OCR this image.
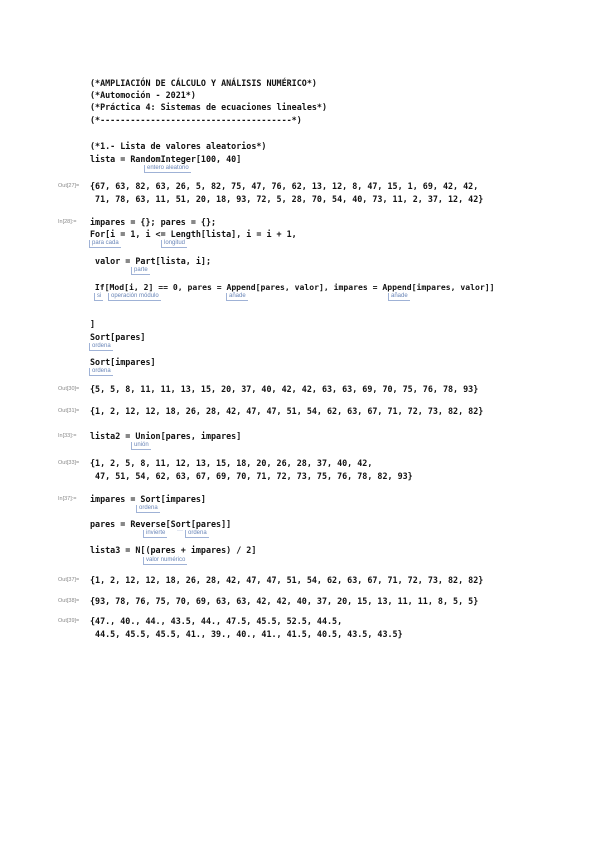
(*AMPLIACIÓN DE CÁLCULO Y ANÁLISIS NUMÉRICO*)
(*Automoción - 2021*)
(*Práctica 4: Sistemas de ecuaciones lineales*)
(*--------------------------------------*)
(*1.- Lista de valores aleatorios*)
lista = RandomInteger[100, 40]
entero aleatorio
Out[27]= {67, 63, 82, 63, 26, 5, 82, 75, 47, 76, 62, 13, 12, 8, 47, 15, 1, 69, 42, 42,
71, 78, 63, 11, 51, 20, 18, 93, 72, 5, 28, 70, 54, 40, 73, 11, 2, 37, 12, 42}
In[28]:= impares = {}; pares = {};
For[i = 1, i <= Length[lista], i = i + 1,
para cada	longitud
valor = Part[lista, i];
parte
If[Mod[i, 2] == 0, pares = Append[pares, valor], impares = Append[impares, valor]]
si	operación módulo	añade	añade
]
Sort[pares]
ordena
Sort[impares]
ordena
Out[30]= {5, 5, 8, 11, 11, 13, 15, 20, 37, 40, 42, 42, 63, 63, 69, 70, 75, 76, 78, 93}
Out[31]= {1, 2, 12, 12, 18, 26, 28, 42, 47, 47, 51, 54, 62, 63, 67, 71, 72, 73, 82, 82}
In[33]:= lista2 = Union[pares, impares]
unión
Out[33]= {1, 2, 5, 8, 11, 12, 13, 15, 18, 20, 26, 28, 37, 40, 42,
47, 51, 54, 62, 63, 67, 69, 70, 71, 72, 73, 75, 76, 78, 82, 93}
In[37]:= impares = Sort[impares]
ordena
pares = Reverse[Sort[pares]]
invierte	··· ordena
lista3 = N[(pares + impares) / 2]
valor numérico
Out[37]= {1, 2, 12, 12, 18, 26, 28, 42, 47, 47, 51, 54, 62, 63, 67, 71, 72, 73, 82, 82}
Out[38]= {93, 78, 76, 75, 70, 69, 63, 63, 42, 42, 40, 37, 20, 15, 13, 11, 11, 8, 5, 5}
Out[39]= {47., 40., 44., 43.5, 44., 47.5, 45.5, 52.5, 44.5,
44.5, 45.5, 45.5, 41., 39., 40., 41., 41.5, 40.5, 43.5, 43.5}
